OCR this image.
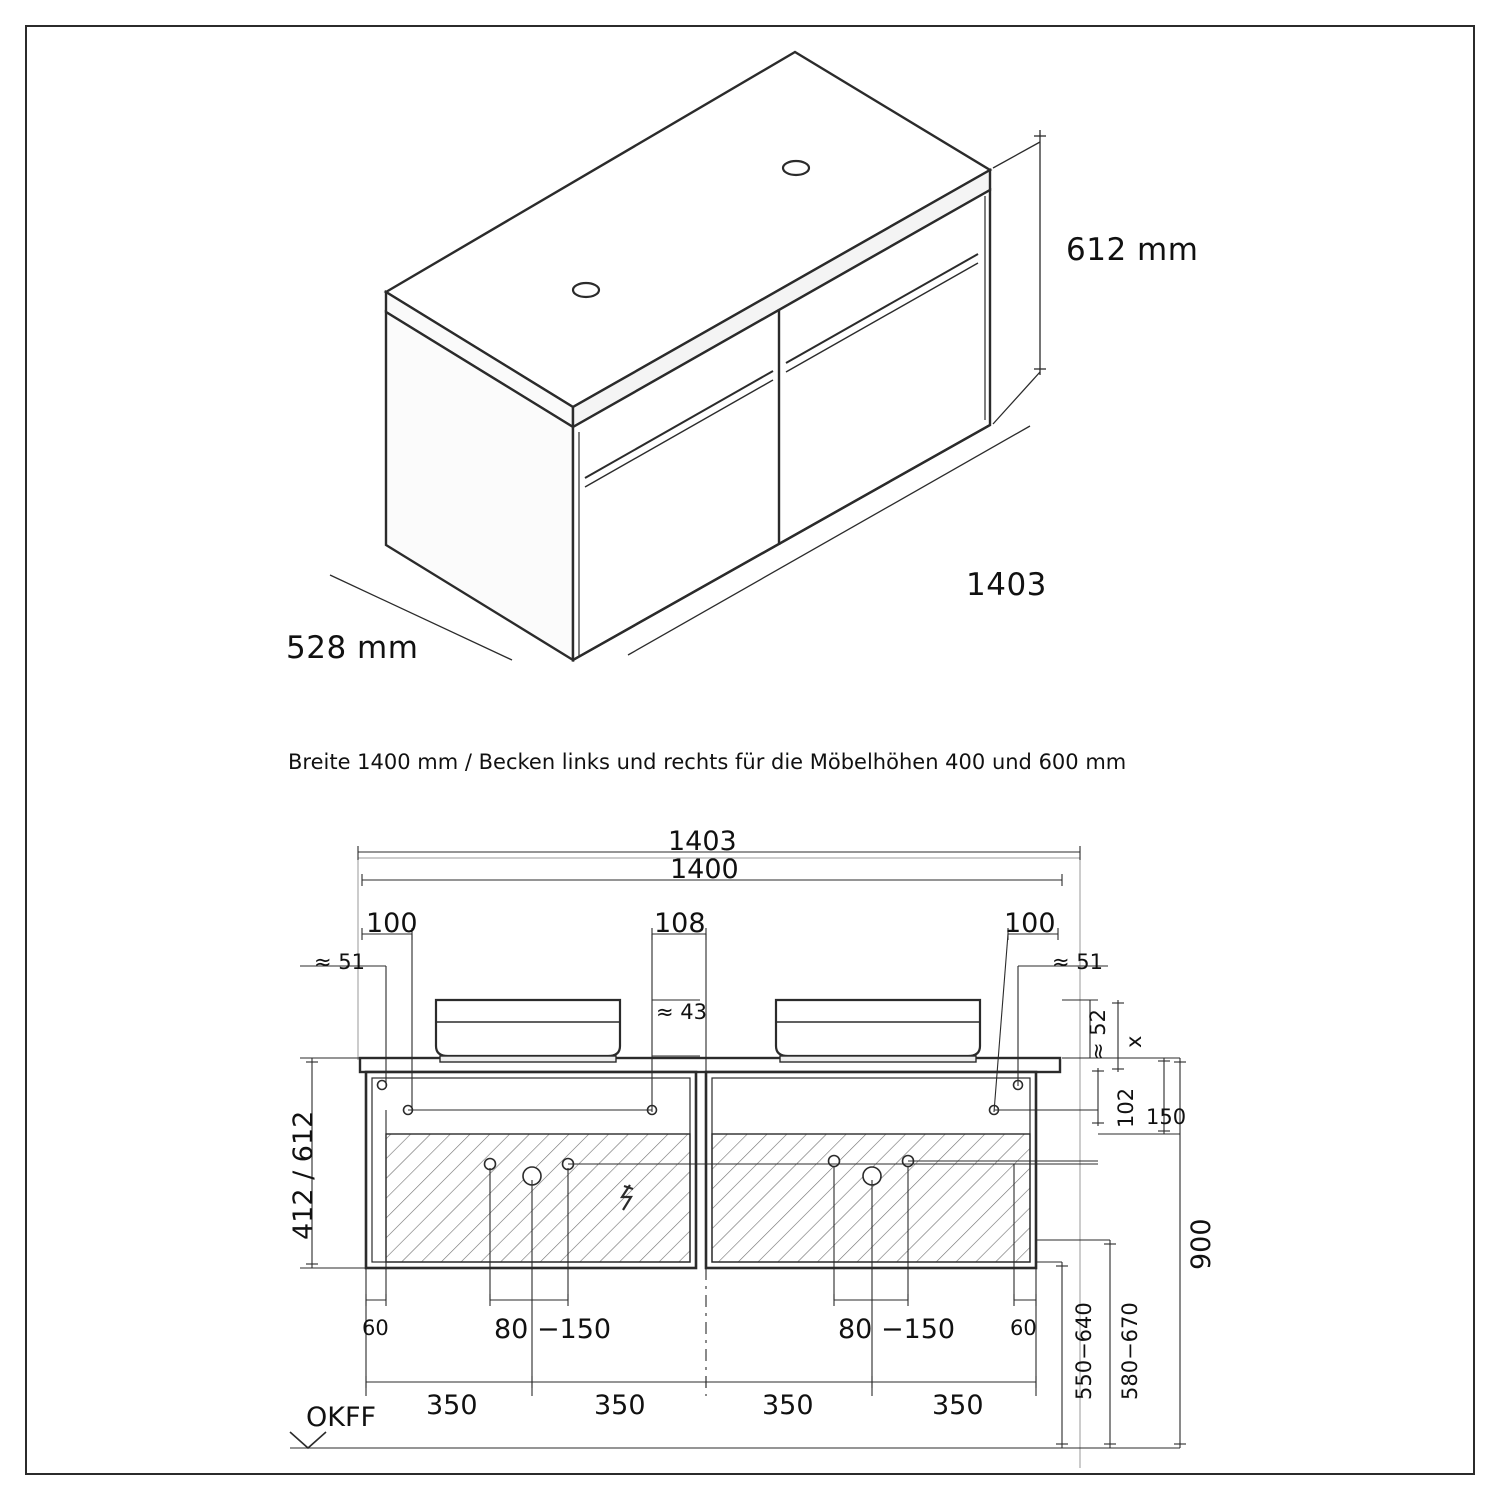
612 mm
528 mm
1403
Breite 1400 mm / Becken links und rechts für die Möbelhöhen 400 und 600 mm
1403
1400
100	108	100
≈ 51	≈ 51
≈ 43	≈ 52 x
102 150
412 / 612
60	60
80 −150	80 −150
350	350	350	350
900
550−640 580−670
OKFF
